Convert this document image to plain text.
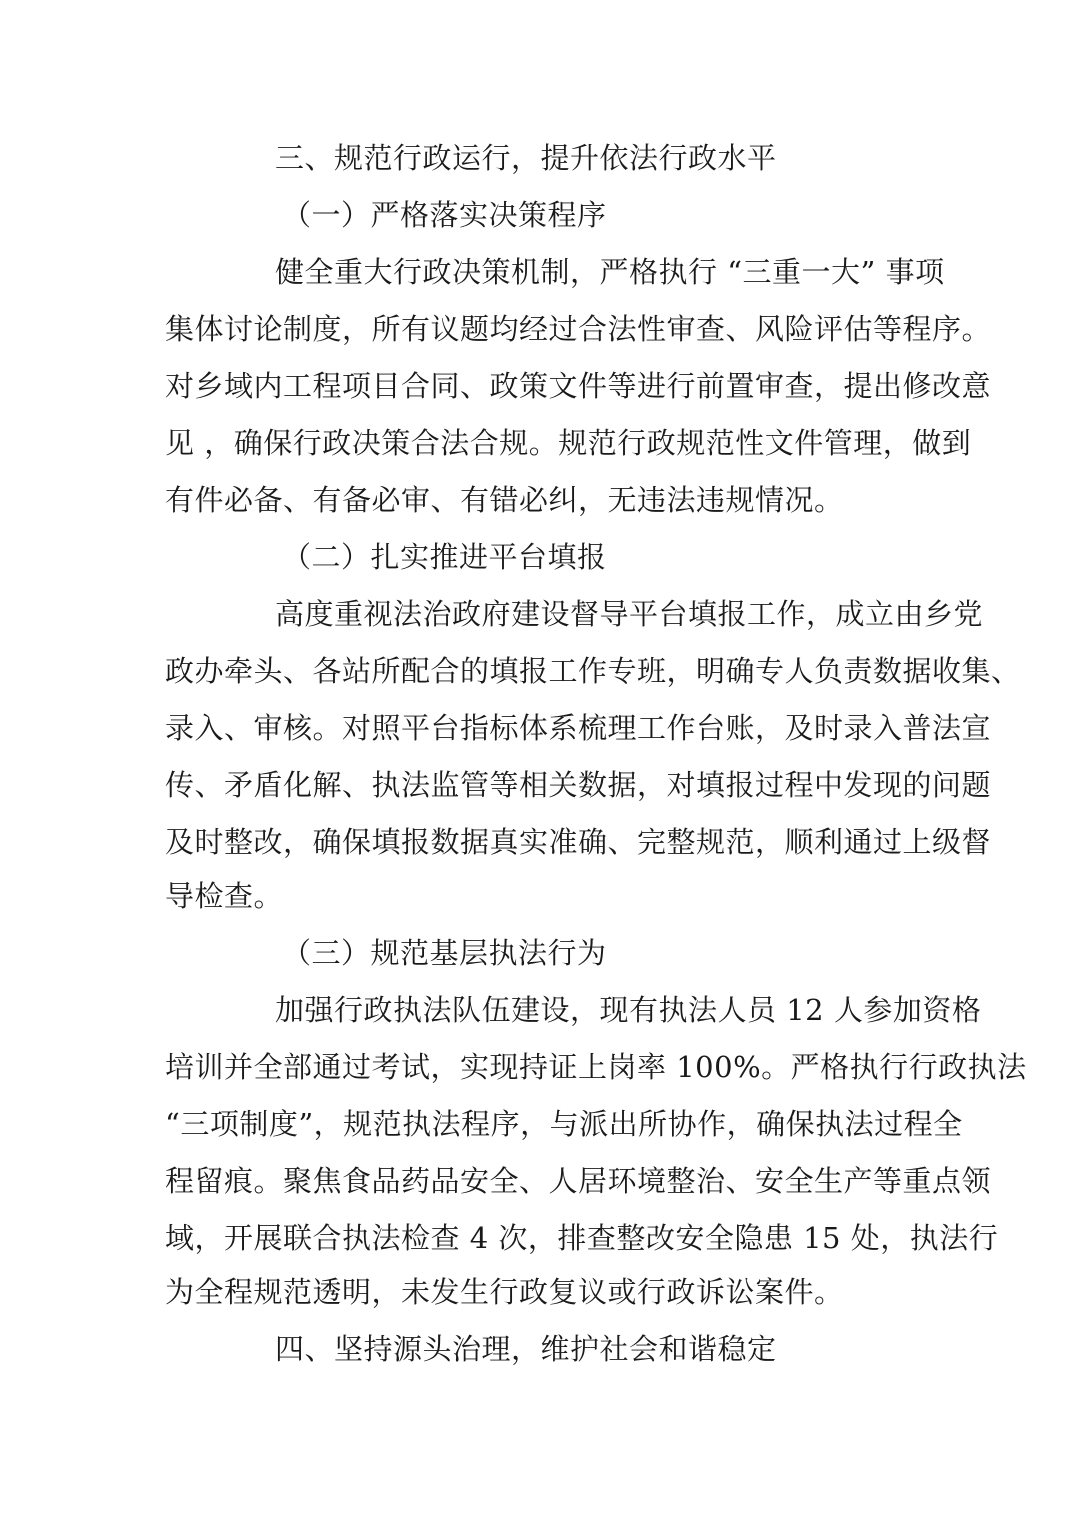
三、规范行政运行，提升依法行政水平
（一）严格落实决策程序
健全重大行政决策机制，严格执行 “三重一大” 事项
集体讨论制度，所有议题均经过合法性审查、风险评估等程序。
对乡域内工程项目合同、政策文件等进行前置审查，提出修改意
见 ，确保行政决策合法合规。规范行政规范性文件管理，做到
有件必备、有备必审、有错必纠，无违法违规情况。
（二）扎实推进平台填报
高度重视法治政府建设督导平台填报工作，成立由乡党
政办牵头、各站所配合的填报工作专班，明确专人负责数据收集、
录入、审核。对照平台指标体系梳理工作台账，及时录入普法宣
传、矛盾化解、执法监管等相关数据，对填报过程中发现的问题
及时整改，确保填报数据真实准确、完整规范，顺利通过上级督
导检查。
（三）规范基层执法行为
加强行政执法队伍建设，现有执法人员 12 人参加资格
培训并全部通过考试，实现持证上岗率 100%。严格执行行政执法
“三项制度”，规范执法程序，与派出所协作，确保执法过程全
程留痕。聚焦食品药品安全、人居环境整治、安全生产等重点领
域，开展联合执法检查 4 次，排查整改安全隐患 15 处，执法行
为全程规范透明，未发生行政复议或行政诉讼案件。
四、坚持源头治理，维护社会和谐稳定
